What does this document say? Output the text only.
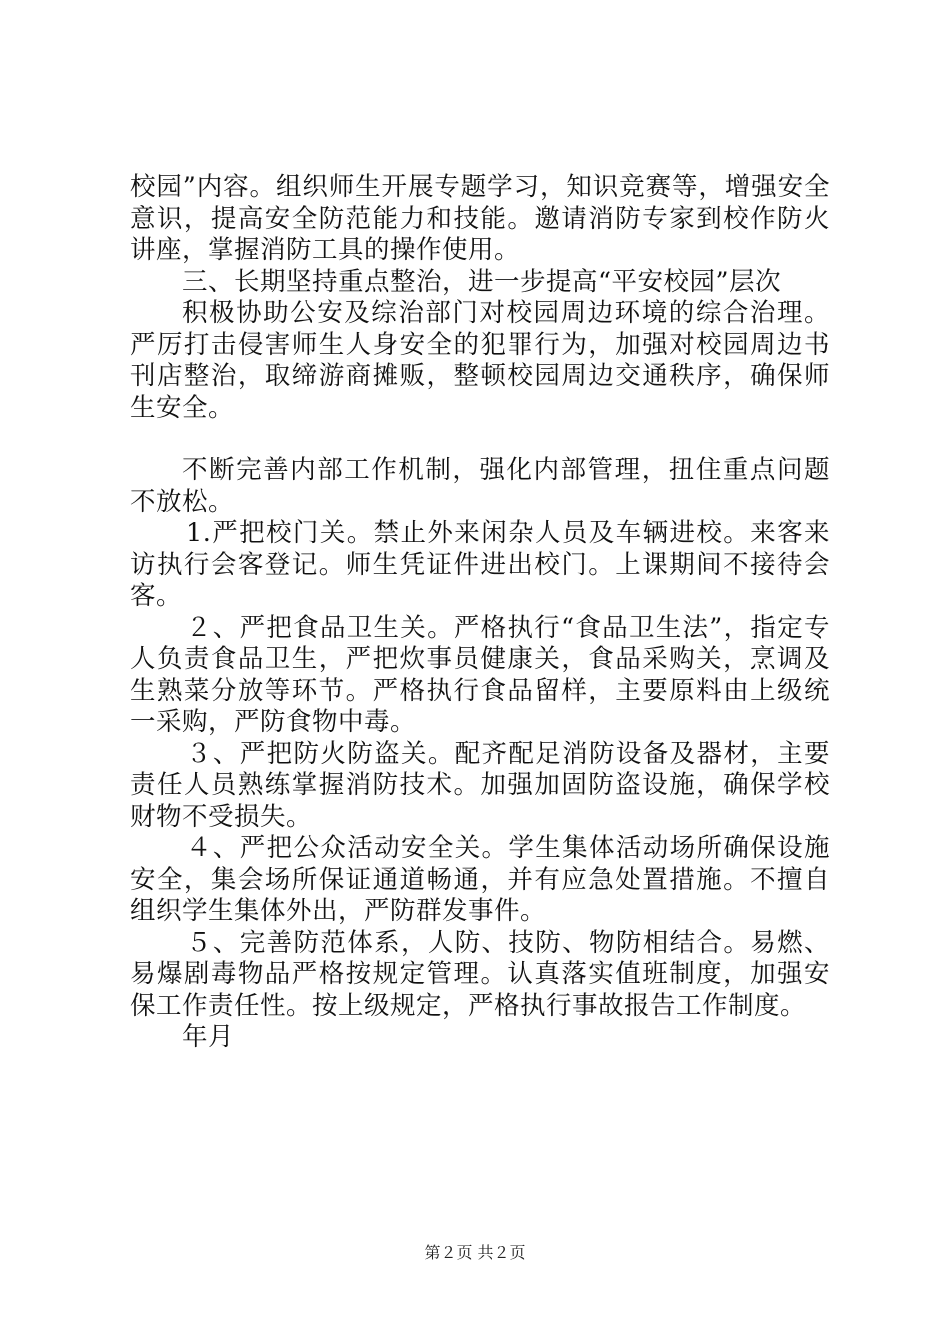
校园”内容。组织师生开展专题学习，知识竞赛等，增强安全意识，提高安全防范能力和技能。邀请消防专家到校作防火讲座，掌握消防工具的操作使用。

三、长期坚持重点整治，进一步提高“平安校园”层次

积极协助公安及综治部门对校园周边环境的综合治理。严厉打击侵害师生人身安全的犯罪行为，加强对校园周边书刊店整治，取缔游商摊贩，整顿校园周边交通秩序，确保师生安全。

不断完善内部工作机制，强化内部管理，扭住重点问题不放松。

1.严把校门关。禁止外来闲杂人员及车辆进校。来客来访执行会客登记。师生凭证件进出校门。上课期间不接待会客。

２、严把食品卫生关。严格执行“食品卫生法”，指定专人负责食品卫生，严把炊事员健康关，食品采购关，烹调及生熟菜分放等环节。严格执行食品留样，主要原料由上级统一采购，严防食物中毒。

３、严把防火防盗关。配齐配足消防设备及器材，主要责任人员熟练掌握消防技术。加强加固防盗设施，确保学校财物不受损失。

４、严把公众活动安全关。学生集体活动场所确保设施安全，集会场所保证通道畅通，并有应急处置措施。不擅自组织学生集体外出，严防群发事件。

５、完善防范体系，人防、技防、物防相结合。易燃、易爆剧毒物品严格按规定管理。认真落实值班制度，加强安保工作责任性。按上级规定，严格执行事故报告工作制度。

年月

第２页 共２页
